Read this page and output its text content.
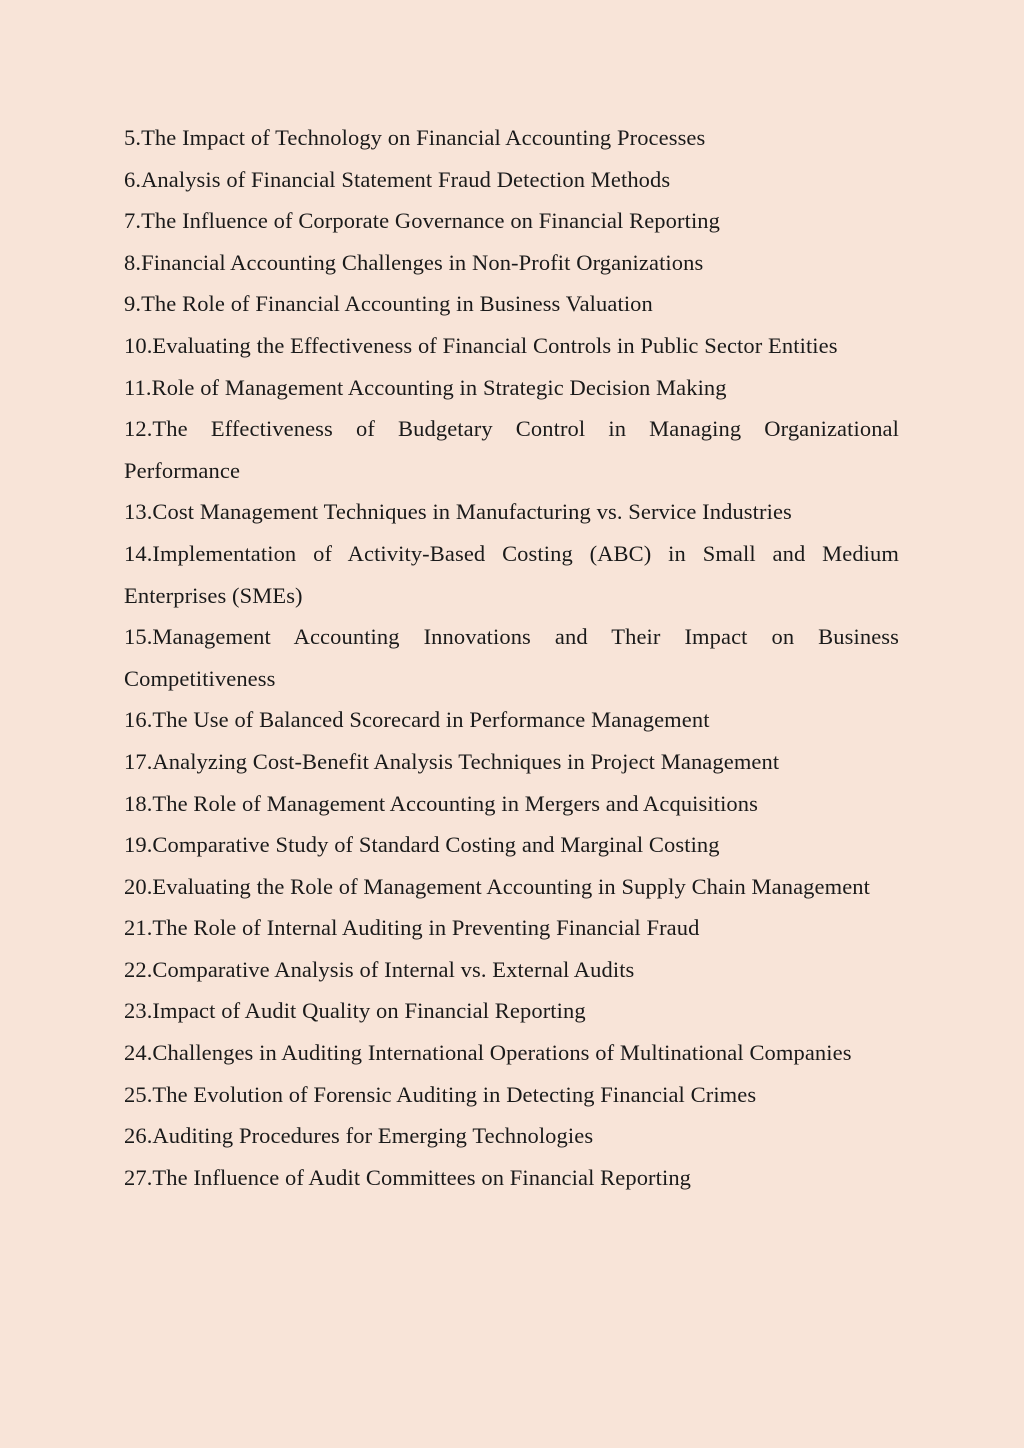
5.The Impact of Technology on Financial Accounting Processes

6.Analysis of Financial Statement Fraud Detection Methods

7.The Influence of Corporate Governance on Financial Reporting

8.Financial Accounting Challenges in Non-Profit Organizations

9.The Role of Financial Accounting in Business Valuation

10.Evaluating the Effectiveness of Financial Controls in Public Sector Entities

11.Role of Management Accounting in Strategic Decision Making

12.The Effectiveness of Budgetary Control in Managing Organizational Performance

13.Cost Management Techniques in Manufacturing vs. Service Industries

14.Implementation of Activity-Based Costing (ABC) in Small and Medium Enterprises (SMEs)

15.Management Accounting Innovations and Their Impact on Business Competitiveness

16.The Use of Balanced Scorecard in Performance Management

17.Analyzing Cost-Benefit Analysis Techniques in Project Management

18.The Role of Management Accounting in Mergers and Acquisitions

19.Comparative Study of Standard Costing and Marginal Costing

20.Evaluating the Role of Management Accounting in Supply Chain Management

21.The Role of Internal Auditing in Preventing Financial Fraud

22.Comparative Analysis of Internal vs. External Audits

23.Impact of Audit Quality on Financial Reporting

24.Challenges in Auditing International Operations of Multinational Companies

25.The Evolution of Forensic Auditing in Detecting Financial Crimes

26.Auditing Procedures for Emerging Technologies

27.The Influence of Audit Committees on Financial Reporting
